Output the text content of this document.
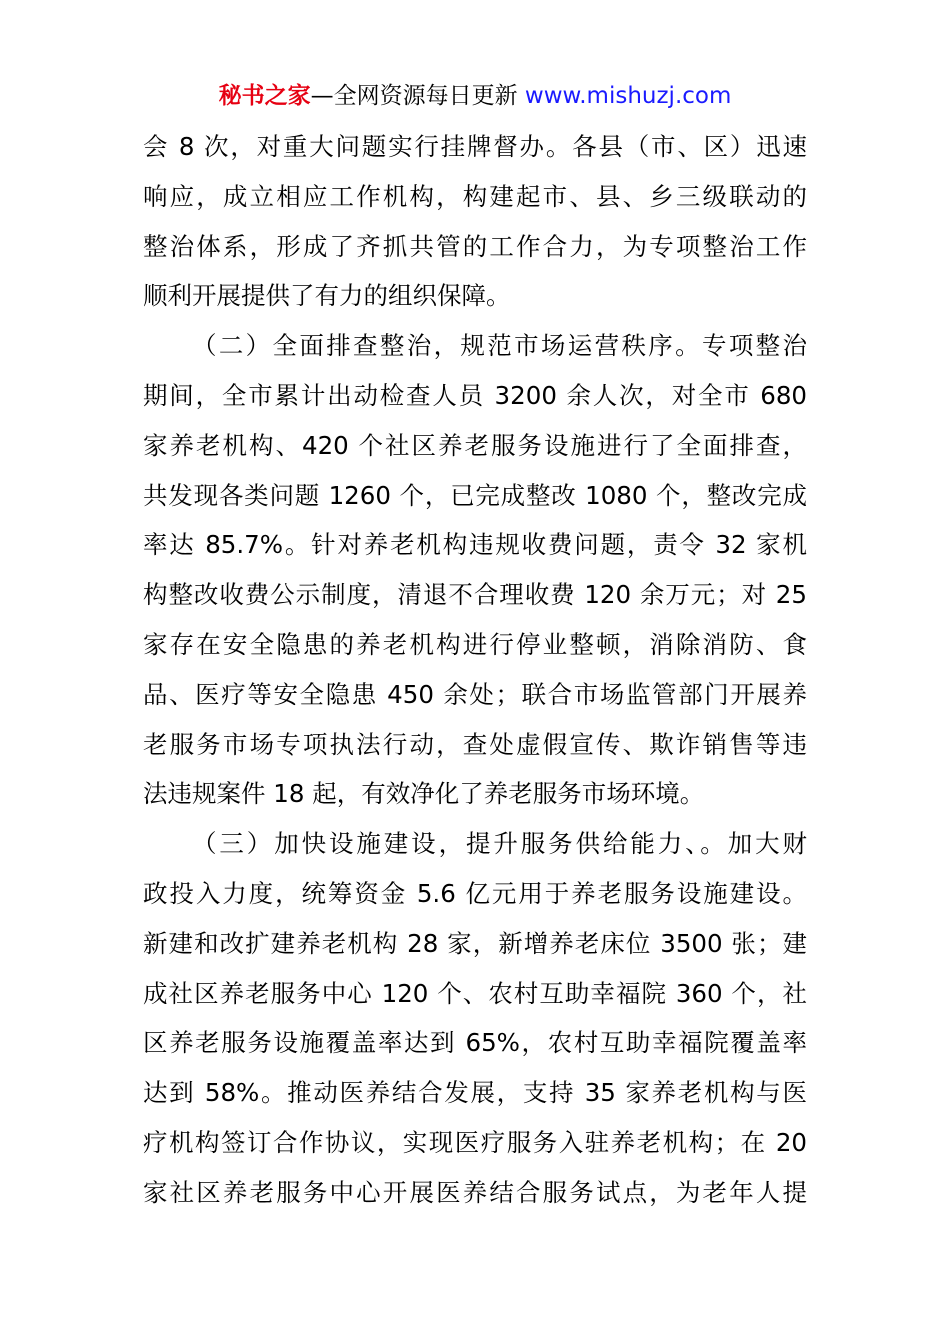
秘书之家—全网资源每日更新 www.mishuzj.com
会 8 次，对重大问题实行挂牌督办。各县（市、区）迅速
响应，成立相应工作机构，构建起市、县、乡三级联动的
整治体系，形成了齐抓共管的工作合力，为专项整治工作
顺利开展提供了有力的组织保障。
（二）全面排查整治，规范市场运营秩序。专项整治
期间，全市累计出动检查人员 3200 余人次，对全市 680
家养老机构、420 个社区养老服务设施进行了全面排查，
共发现各类问题 1260 个，已完成整改 1080 个，整改完成
率达 85.7%。针对养老机构违规收费问题，责令 32 家机
构整改收费公示制度，清退不合理收费 120 余万元；对 25
家存在安全隐患的养老机构进行停业整顿，消除消防、食
品、医疗等安全隐患 450 余处；联合市场监管部门开展养
老服务市场专项执法行动，查处虚假宣传、欺诈销售等违
法违规案件 18 起，有效净化了养老服务市场环境。
（三）加快设施建设，提升服务供给能力、。加大财
政投入力度，统筹资金 5.6 亿元用于养老服务设施建设。
新建和改扩建养老机构 28 家，新增养老床位 3500 张；建
成社区养老服务中心 120 个、农村互助幸福院 360 个，社
区养老服务设施覆盖率达到 65%，农村互助幸福院覆盖率
达到 58%。推动医养结合发展，支持 35 家养老机构与医
疗机构签订合作协议，实现医疗服务入驻养老机构；在 20
家社区养老服务中心开展医养结合服务试点，为老年人提
